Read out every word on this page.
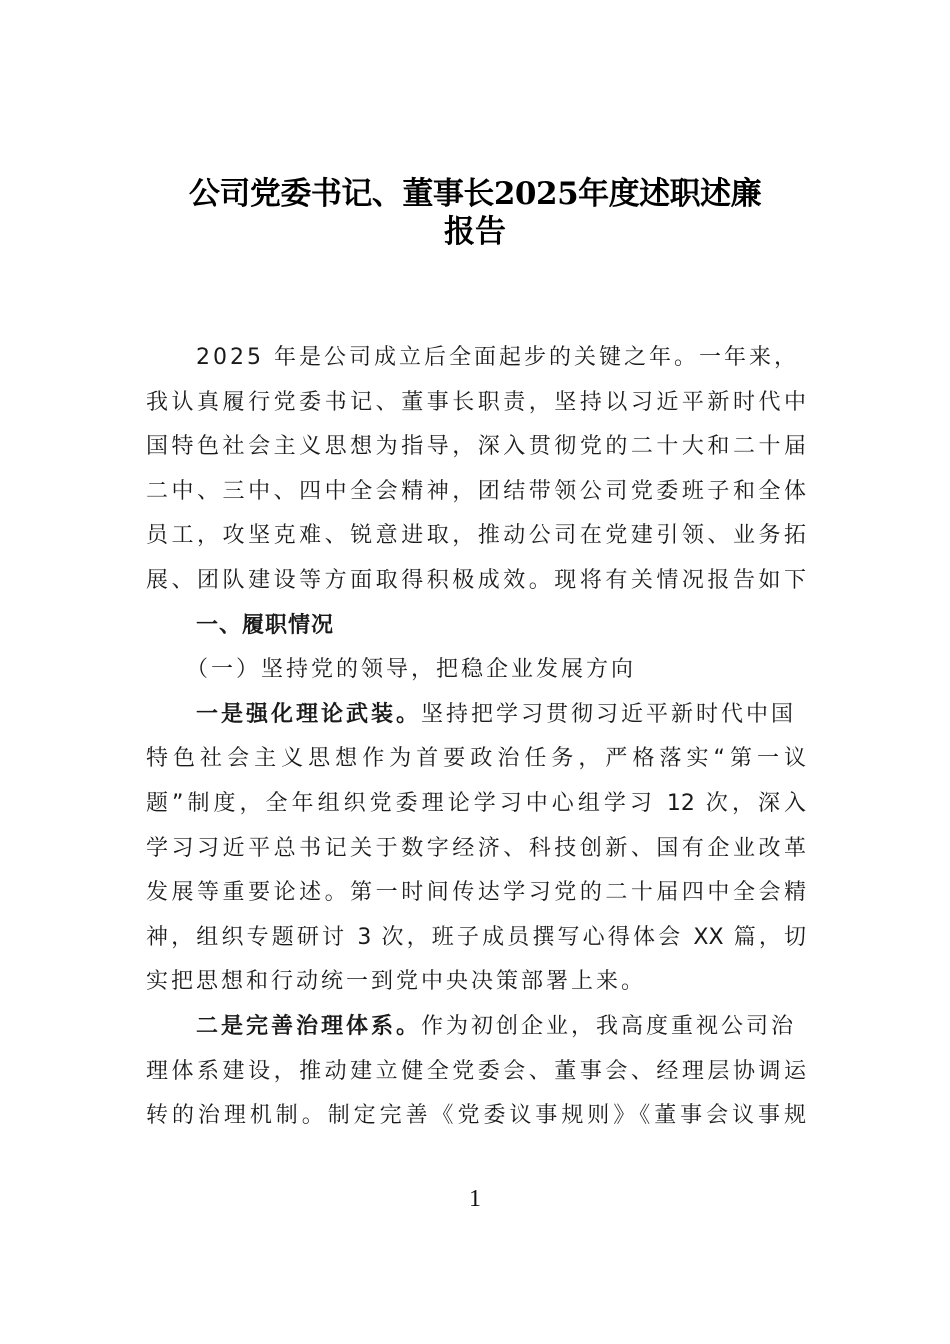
公司党委书记、董事长2025年度述职述廉
报告
2025 年是公司成立后全面起步的关键之年。一年来，
我认真履行党委书记、董事长职责，坚持以习近平新时代中
国特色社会主义思想为指导，深入贯彻党的二十大和二十届
二中、三中、四中全会精神，团结带领公司党委班子和全体
员工，攻坚克难、锐意进取，推动公司在党建引领、业务拓
展、团队建设等方面取得积极成效。现将有关情况报告如下
一、履职情况
（一）坚持党的领导，把稳企业发展方向
一是强化理论武装。坚持把学习贯彻习近平新时代中国
特色社会主义思想作为首要政治任务，严格落实“第一议
题”制度，全年组织党委理论学习中心组学习 12 次，深入
学习习近平总书记关于数字经济、科技创新、国有企业改革
发展等重要论述。第一时间传达学习党的二十届四中全会精
神，组织专题研讨 3 次，班子成员撰写心得体会 XX 篇，切
实把思想和行动统一到党中央决策部署上来。
二是完善治理体系。作为初创企业，我高度重视公司治
理体系建设，推动建立健全党委会、董事会、经理层协调运
转的治理机制。制定完善《党委议事规则》《董事会议事规
1
